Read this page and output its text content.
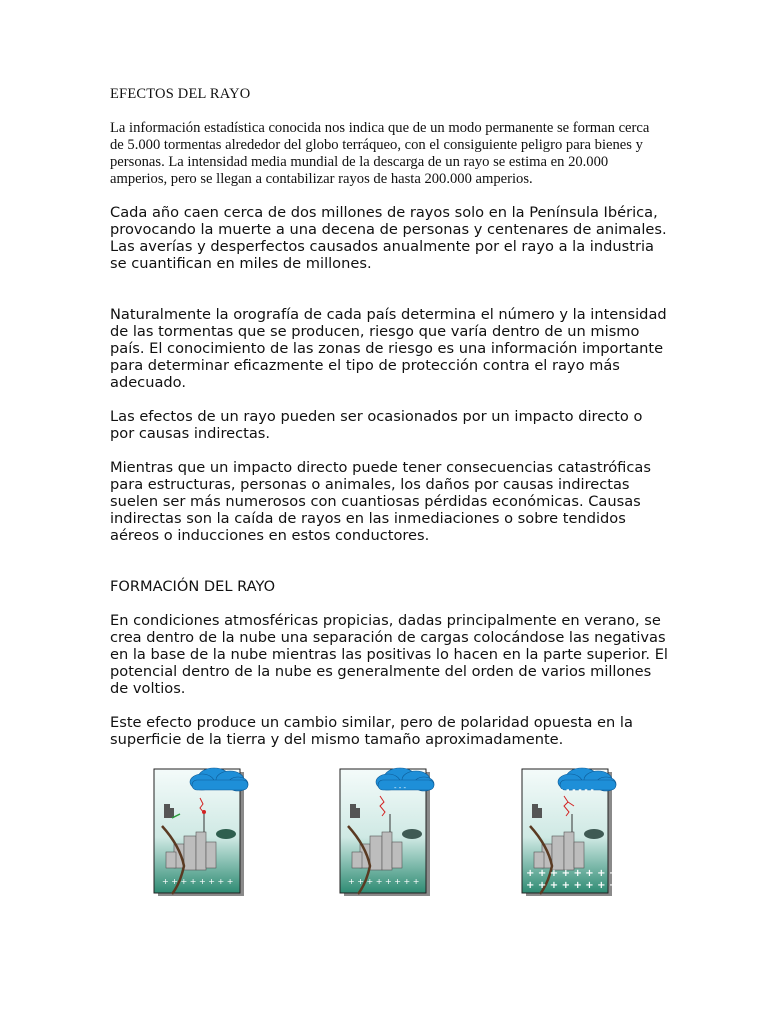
EFECTOS DEL RAYO
La información estadística conocida nos indica que de un modo permanente se forman cerca de 5.000 tormentas alrededor del globo terráqueo, con el consiguiente peligro para bienes y personas. La intensidad media mundial de la descarga de un rayo se estima en 20.000 amperios, pero se llegan a contabilizar rayos de hasta 200.000 amperios.

Cada año caen cerca de dos millones de rayos solo en la Península Ibérica, provocando la muerte a una decena de personas y centenares de animales. Las averías y desperfectos causados anualmente por el rayo a la industria se cuantifican en miles de millones.

Naturalmente la orografía de cada país determina el número y la intensidad de las tormentas que se producen, riesgo que varía dentro de un mismo país. El conocimiento de las zonas de riesgo es una información importante para determinar eficazmente el tipo de protección contra el rayo más adecuado.

Las efectos de un rayo pueden ser ocasionados por un impacto directo o por causas indirectas.

Mientras que un impacto directo puede tener consecuencias catastróficas para estructuras, personas o animales, los daños por causas indirectas suelen ser más numerosos con cuantiosas pérdidas económicas. Causas indirectas son la caída de rayos en las inmediaciones o sobre tendidos aéreos o inducciones en estos conductores.

FORMACIÓN DEL RAYO

En condiciones atmosféricas propicias, dadas principalmente en verano, se crea dentro de la nube una separación de cargas colocándose las negativas en la base de la nube mientras las positivas lo hacen en la parte superior. El potencial dentro de la nube es generalmente del orden de varios millones de voltios.

Este efecto produce un cambio similar, pero de polaridad opuesta en la superficie de la tierra y del mismo tamaño aproximadamente.

+ + + + + + + +
- - -
+ + + + + + + +
- - - - - -
+ + + + + + + +
+ + + + + + + +
